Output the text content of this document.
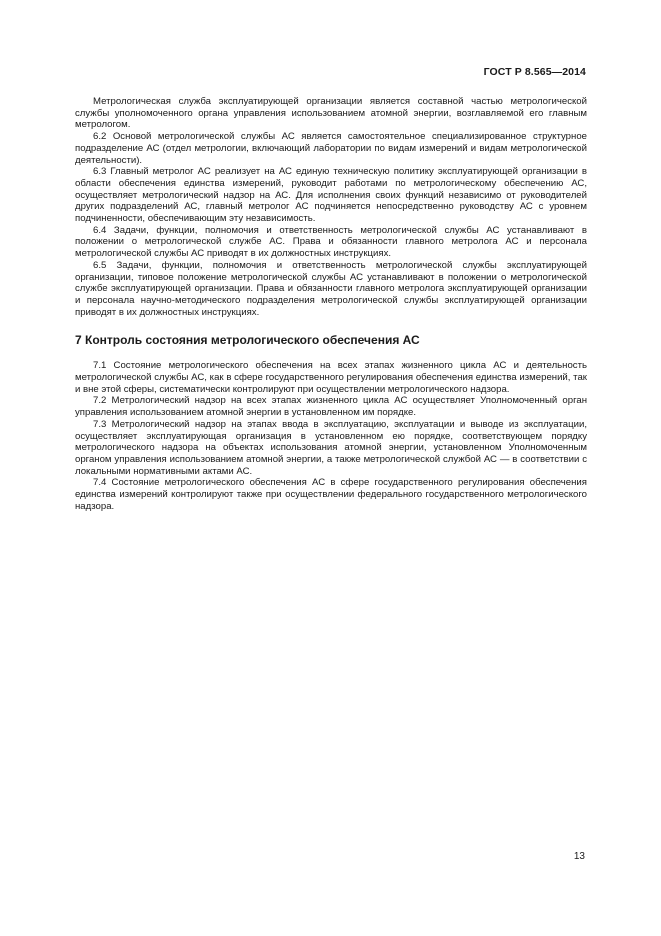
ГОСТ Р 8.565—2014

Метрологическая служба эксплуатирующей организации является составной частью метрологической службы уполномоченного органа управления использованием атомной энергии, возглавляемой его главным метрологом.

6.2 Основой метрологической службы АС является самостоятельное специализированное структурное подразделение АС (отдел метрологии, включающий лаборатории по видам измерений и видам метрологической деятельности).

6.3 Главный метролог АС реализует на АС единую техническую политику эксплуатирующей организации в области обеспечения единства измерений, руководит работами по метрологическому обеспечению АС, осуществляет метрологический надзор на АС. Для исполнения своих функций независимо от руководителей других подразделений АС, главный метролог АС подчиняется непосредственно руководству АС с уровнем подчиненности, обеспечивающим эту независимость.

6.4 Задачи, функции, полномочия и ответственность метрологической службы АС устанавливают в положении о метрологической службе АС. Права и обязанности главного метролога АС и персонала метрологической службы АС приводят в их должностных инструкциях.

6.5 Задачи, функции, полномочия и ответственность метрологической службы эксплуатирующей организации, типовое положение метрологической службы АС устанавливают в положении о метрологической службе эксплуатирующей организации. Права и обязанности главного метролога эксплуатирующей организации и персонала научно-методического подразделения метрологической службы эксплуатирующей организации приводят в их должностных инструкциях.

7 Контроль состояния метрологического обеспечения АС

7.1 Состояние метрологического обеспечения на всех этапах жизненного цикла АС и деятельность метрологической службы АС, как в сфере государственного регулирования обеспечения единства измерений, так и вне этой сферы, систематически контролируют при осуществлении метрологического надзора.

7.2 Метрологический надзор на всех этапах жизненного цикла АС осуществляет Уполномоченный орган управления использованием атомной энергии в установленном им порядке.

7.3 Метрологический надзор на этапах ввода в эксплуатацию, эксплуатации и выводе из эксплуатации, осуществляет эксплуатирующая организация в установленном ею порядке, соответствующем порядку метрологического надзора на объектах использования атомной энергии, установленном Уполномоченным органом управления использованием атомной энергии, а также метрологической службой АС — в соответствии с локальными нормативными актами АС.

7.4 Состояние метрологического обеспечения АС в сфере государственного регулирования обеспечения единства измерений контролируют также при осуществлении федерального государственного метрологического надзора.

13
